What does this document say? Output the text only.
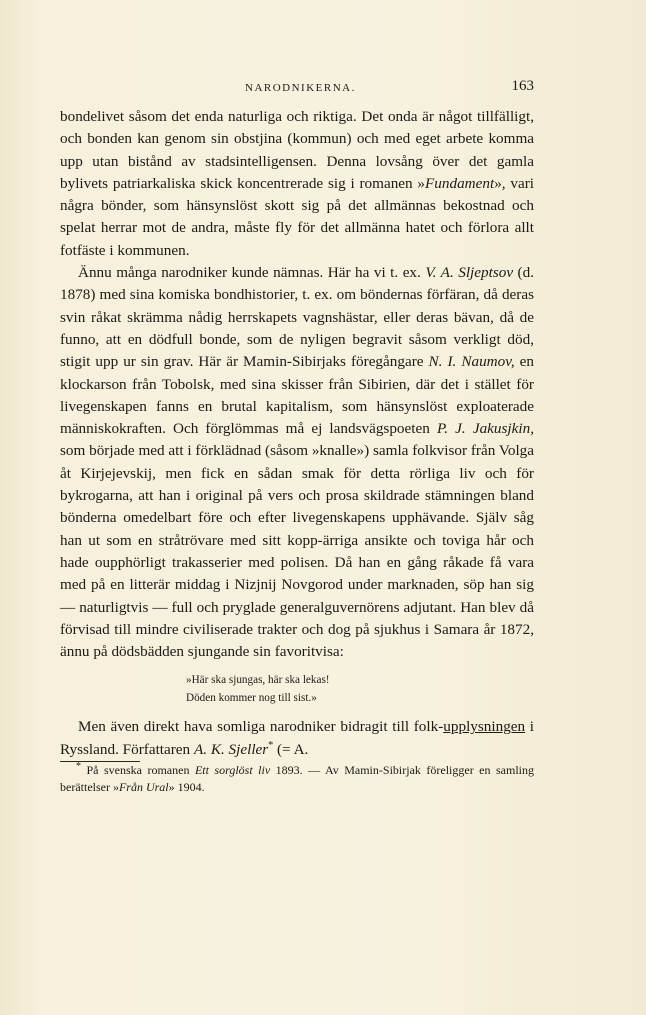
NARODNIKERNA.	163

bondelivet såsom det enda naturliga och riktiga. Det onda är något tillfälligt, och bonden kan genom sin obstjina (kommun) och med eget arbete komma upp utan bistånd av stadsintelligensen. Denna lovsång över det gamla bylivets patriarkaliska skick koncentrerade sig i romanen »Fundament», vari några bönder, som hänsynslöst skott sig på det allmännas bekostnad och spelat herrar mot de andra, måste fly för det allmänna hatet och förlora allt fotfäste i kommunen.

Ännu många narodniker kunde nämnas. Här ha vi t. ex. V. A. Sljeptsov (d. 1878) med sina komiska bondhistorier, t. ex. om böndernas förfäran, då deras svin råkat skrämma nådig herrskapets vagnshästar, eller deras bävan, då de funno, att en dödfull bonde, som de nyligen begravit såsom verkligt död, stigit upp ur sin grav. Här är Mamin-Sibirjaks föregångare N. I. Naumov, en klockarson från Tobolsk, med sina skisser från Sibirien, där det i stället för livegenskapen fanns en brutal kapitalism, som hänsynslöst exploaterade människokraften. Och förglömmas må ej landsvägspoeten P. J. Jakusjkin, som började med att i förklädnad (såsom »knalle») samla folkvisor från Volga åt Kirjejevskij, men fick en sådan smak för detta rörliga liv och för bykrogarna, att han i original på vers och prosa skildrade stämningen bland bönderna omedelbart före och efter livegenskapens upphävande. Själv såg han ut som en stråtrövare med sitt kopp-ärriga ansikte och toviga hår och hade oupphörligt trakasserier med polisen. Då han en gång råkade få vara med på en litterär middag i Nizjnij Novgorod under marknaden, söp han sig — naturligtvis — full och pryglade generalguvernörens adjutant. Han blev då förvisad till mindre civiliserade trakter och dog på sjukhus i Samara år 1872, ännu på dödsbädden sjungande sin favoritvisa:

»Här ska sjungas, här ska lekas!
Döden kommer nog till sist.»

Men även direkt hava somliga narodniker bidragit till folk-upplysningen i Ryssland. Författaren A. K. Sjeller* (= A.

* På svenska romanen Ett sorglöst liv 1893. — Av Mamin-Sibirjak föreligger en samling berättelser »Från Ural» 1904.
